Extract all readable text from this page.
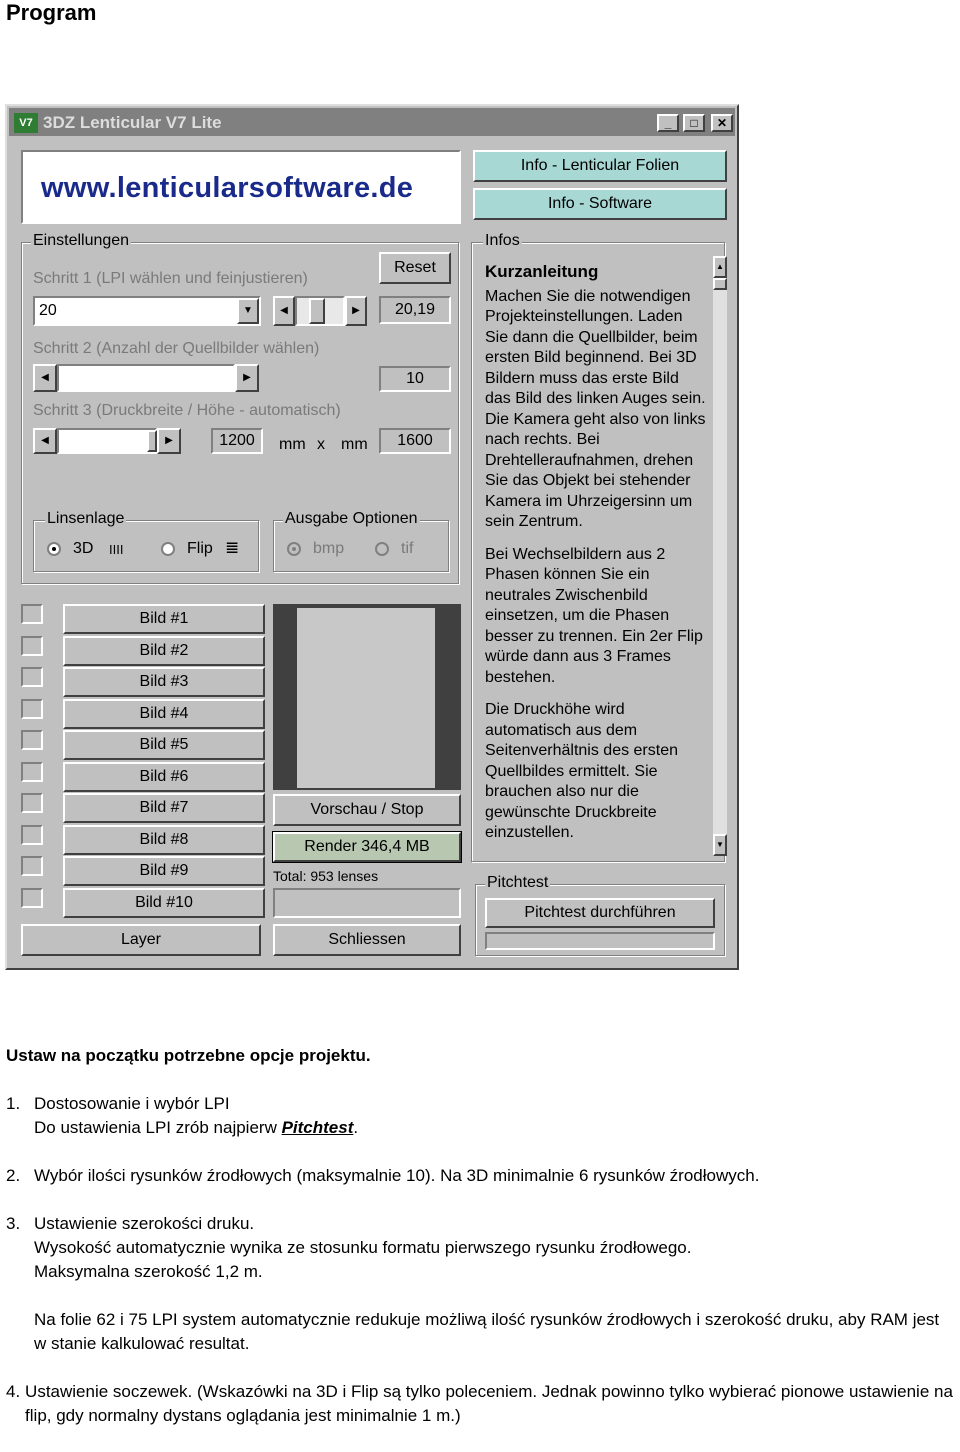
Program
V7 3DZ Lenticular V7 Lite	_	□	✕
www.lenticularsoftware.de
Info - Lenticular Folien
Info - Software
Einstellungen
Reset
Schritt 1 (LPI wählen und feinjustieren)
20	▼	◀	▶	20,19
Schritt 2 (Anzahl der Quellbilder wählen)
◀	▶	10
Schritt 3 (Druckbreite / Höhe - automatisch)
◀	▶	1200	mm x mm	1600
Linsenlage
3D IIII	Flip ≣
Ausgabe Optionen
bmp	tif
Bild #1
Bild #2
Bild #3
Bild #4
Bild #5
Bild #6
Bild #7
Bild #8
Bild #9
Bild #10
Layer
Vorschau / Stop
Render 346,4 MB
Total: 953 lenses
Schliessen
Infos
Kurzanleitung

Machen Sie die notwendigen Projekteinstellungen. Laden Sie dann die Quellbilder, beim ersten Bild beginnend. Bei 3D Bildern muss das erste Bild das Bild des linken Auges sein. Die Kamera geht also von links nach rechts. Bei Drehtelleraufnahmen, drehen Sie das Objekt bei stehender Kamera im Uhrzeigersinn um sein Zentrum.

Bei Wechselbildern aus 2 Phasen können Sie ein neutrales Zwischenbild einsetzen, um die Phasen besser zu trennen. Ein 2er Flip würde dann aus 3 Frames bestehen.

Die Druckhöhe wird automatisch aus dem Seitenverhältnis des ersten Quellbildes ermittelt. Sie brauchen also nur die gewünschte Druckbreite einzustellen.

▲
▼
Pitchtest
Pitchtest durchführen
Ustaw na początku potrzebne opcje projektu.
1. Dostosowanie i wybór LPI
Do ustawienia LPI zrób najpierw Pitchtest.
2. Wybór ilości rysunków źrodłowych (maksymalnie 10). Na 3D minimalnie 6 rysunków źrodłowych.
3. Ustawienie szerokości druku.
Wysokość automatycznie wynika ze stosunku formatu pierwszego rysunku źrodłowego.
Maksymalna szerokość 1,2 m.
Na folie 62 i 75 LPI system automatycznie redukuje możliwą ilość rysunków źrodłowych i szerokość druku, aby RAM jest w stanie kalkulować resultat.
4. Ustawienie soczewek. (Wskazówki na 3D i Flip są tylko poleceniem. Jednak powinno tylko wybierać pionowe ustawienie na flip, gdy normalny dystans oglądania jest minimalnie 1 m.)
